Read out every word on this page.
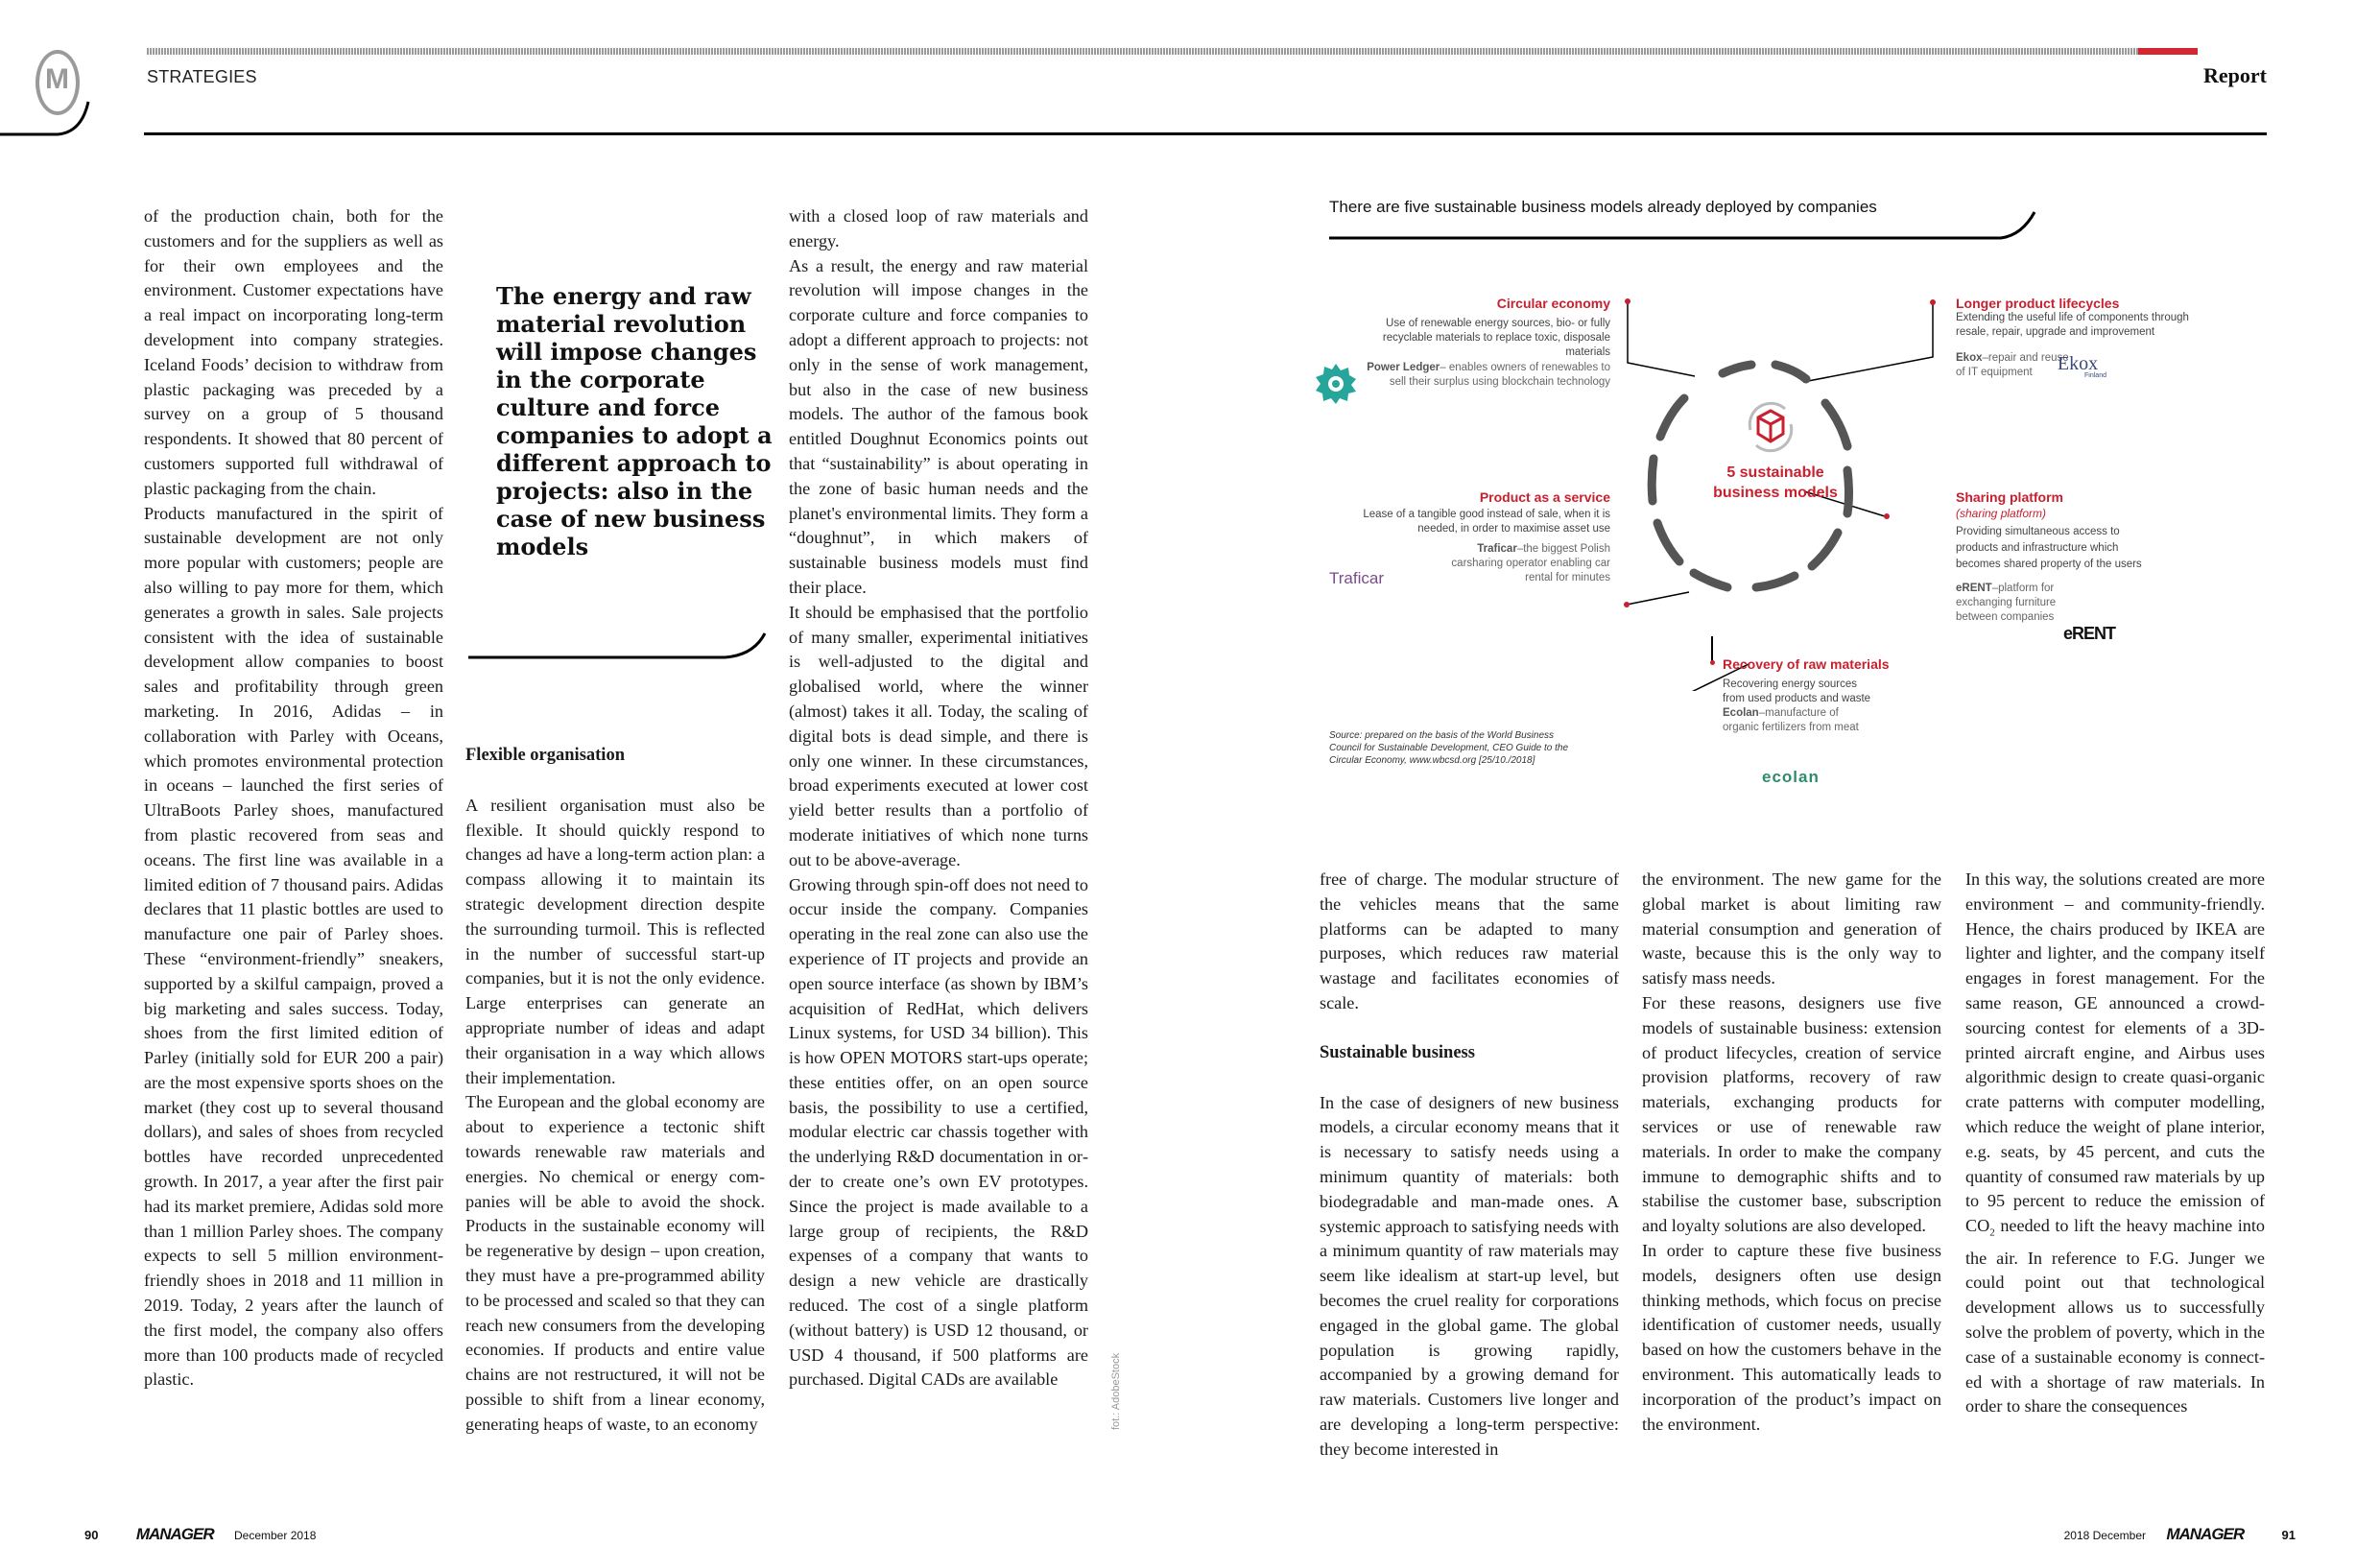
M	STRATEGIES	Report

of the production chain, both for the customers and for the suppliers as well as for their own employees and the environment. Customer expectations have a real impact on incorporating long-term development into company strategies. Iceland Foods’ decision to withdraw from plastic packaging was preceded by a survey on a group of 5 thousand respondents. It showed that 80 percent of customers supported full withdrawal of plastic packaging from the chain.

Products manufactured in the spirit of sustainable development are not only more popular with customers; people are also willing to pay more for them, which generates a growth in sales. Sale projects consistent with the idea of sustainable development allow companies to boost sales and profitability through green marketing. In 2016, Adidas – in collaboration with Parley with Oceans, which promotes environmental protection in oceans – launched the first series of UltraBoots Parley shoes, manufactured from plastic recovered from seas and oceans. The first line was available in a limited edition of 7 thousand pairs. Adidas declares that 11 plastic bottles are used to manufacture one pair of Parley shoes. These “environment-friendly” sneakers, supported by a skilful campaign, proved a big marketing and sales success. Today, shoes from the first limited edition of Parley (initially sold for EUR 200 a pair) are the most expensive sports shoes on the market (they cost up to several thousand dollars), and sales of shoes from recycled bottles have recorded unprecedented growth. In 2017, a year after the first pair had its market premiere, Adidas sold more than 1 million Parley shoes. The company expects to sell 5 million environment-friendly shoes in 2018 and 11 million in 2019. Today, 2 years after the launch of the first model, the company also offers more than 100 products made of recycled plastic.

The energy and raw material revolution will impose changes in the corporate culture and force companies to adopt a different approach to projects: also in the case of new business models

Flexible organisation

A resilient organisation must also be flexible. It should quickly respond to changes ad have a long-term action plan: a compass allowing it to maintain its strategic development direction despite the surrounding turmoil. This is reflected in the number of successful start-up companies, but it is not the only evidence. Large enterprises can generate an appropriate number of ideas and adapt their organisation in a way which allows their implementation.

The European and the global economy are about to experience a tectonic shift towards renewable raw materials and energies. No chemical or energy companies will be able to avoid the shock. Products in the sustainable economy will be regenerative by design – upon creation, they must have a pre-programmed ability to be processed and scaled so that they can reach new consumers from the developing economies. If products and entire value chains are not restructured, it will not be possible to shift from a linear economy, generating heaps of waste, to an economy

with a closed loop of raw materials and energy.

As a result, the energy and raw material revolution will impose changes in the corporate culture and force companies to adopt a different approach to projects: not only in the sense of work management, but also in the case of new business models. The author of the famous book entitled Doughnut Economics points out that “sustainability” is about operating in the zone of basic human needs and the planet's environmental limits. They form a “doughnut”, in which makers of sustainable business models must find their place.

It should be emphasised that the portfolio of many smaller, experimental initiatives is well-adjusted to the digital and globalised world, where the winner (almost) takes it all. Today, the scaling of digital bots is dead simple, and there is only one winner. In these circumstances, broad experiments executed at lower cost yield better results than a portfolio of moderate initiatives of which none turns out to be above-average.

Growing through spin-off does not need to occur inside the company. Companies operating in the real zone can also use the experience of IT projects and provide an open source interface (as shown by IBM’s acquisition of RedHat, which delivers Linux systems, for USD 34 billion). This is how OPEN MOTORS start-ups operate; these entities offer, on an open source basis, the possibility to use a certified, modular electric car chassis together with the underlying R&D documentation in order to create one’s own EV prototypes. Since the project is made available to a large group of recipients, the R&D expenses of a company that wants to design a new vehicle are drastically reduced. The cost of a single platform (without battery) is USD 12 thousand, or USD 4 thousand, if 500 platforms are purchased. Digital CADs are available	fot.: AdobeStock
There are five sustainable business models already deployed by companies
5 sustainable business models
Circular economy
Use of renewable energy sources, bio- or fully recyclable materials to replace toxic, disposale materials
Power Ledger– enables owners of renewables to sell their surplus using blockchain technology
Product as a service
Lease of a tangible good instead of sale, when it is needed, in order to maximise asset use
Traficar–the biggest Polish carsharing operator enabling car rental for minutes
Traficar
Longer product lifecycles
Extending the useful life of components through resale, repair, upgrade and improvement
Ekox–repair and reuse of IT equipment	Ekox
Finland
Sharing platform
(sharing platform)
Providing simultaneous access to products and infrastructure which becomes shared property of the users
eRENT–platform for exchanging furniture between companies
eRENT
Recovery of raw materials
Recovering energy sources from used products and waste
Ecolan–manufacture of organic fertilizers from meat
ecolan
Source: prepared on the basis of the World Business Council for Sustainable Development, CEO Guide to the Circular Economy, www.wbcsd.org [25/10./2018]

free of charge. The modular structure of the vehicles means that the same platforms can be adapted to many purposes, which reduces raw material wastage and facilitates economies of scale.

Sustainable business

In the case of designers of new business models, a circular economy means that it is necessary to satisfy needs using a minimum quantity of materials: both biodegradable and man-made ones. A systemic approach to satisfying needs with a minimum quantity of raw materials may seem like idealism at start-up level, but becomes the cruel reality for corporations engaged in the global game. The global population is growing rapidly, accompanied by a growing demand for raw materials. Customers live longer and are developing a long-term perspective: they become interested in

the environment. The new game for the global market is about limiting raw material consumption and generation of waste, because this is the only way to satisfy mass needs.

For these reasons, designers use five models of sustainable business: extension of product lifecycles, creation of service provision platforms, recovery of raw materials, exchanging products for services or use of renewable raw materials. In order to make the company immune to demographic shifts and to stabilise the customer base, subscription and loyalty solutions are also developed.

In order to capture these five business models, designers often use design thinking methods, which focus on precise identification of customer needs, usually based on how the customers behave in the environment. This automatically leads to incorporation of the product’s impact on the environment.

In this way, the solutions created are more environment – and community-friendly. Hence, the chairs produced by IKEA are lighter and lighter, and the company itself engages in forest management. For the same reason, GE announced a crowd-sourcing contest for elements of a 3D-printed aircraft engine, and Airbus uses algorithmic design to create quasi-organic crate patterns with computer modelling, which reduce the weight of plane interior, e.g. seats, by 45 percent, and cuts the quantity of consumed raw materials by up to 95 percent to reduce the emission of $CO_2$ needed to lift the heavy machine into the air. In reference to F.G. Junger we could point out that technological development allows us to successfully solve the problem of poverty, which in the case of a sustainable economy is connected with a shortage of raw materials. In order to share the consequences

90 MANAGER December 2018	2018 December MANAGER	91
